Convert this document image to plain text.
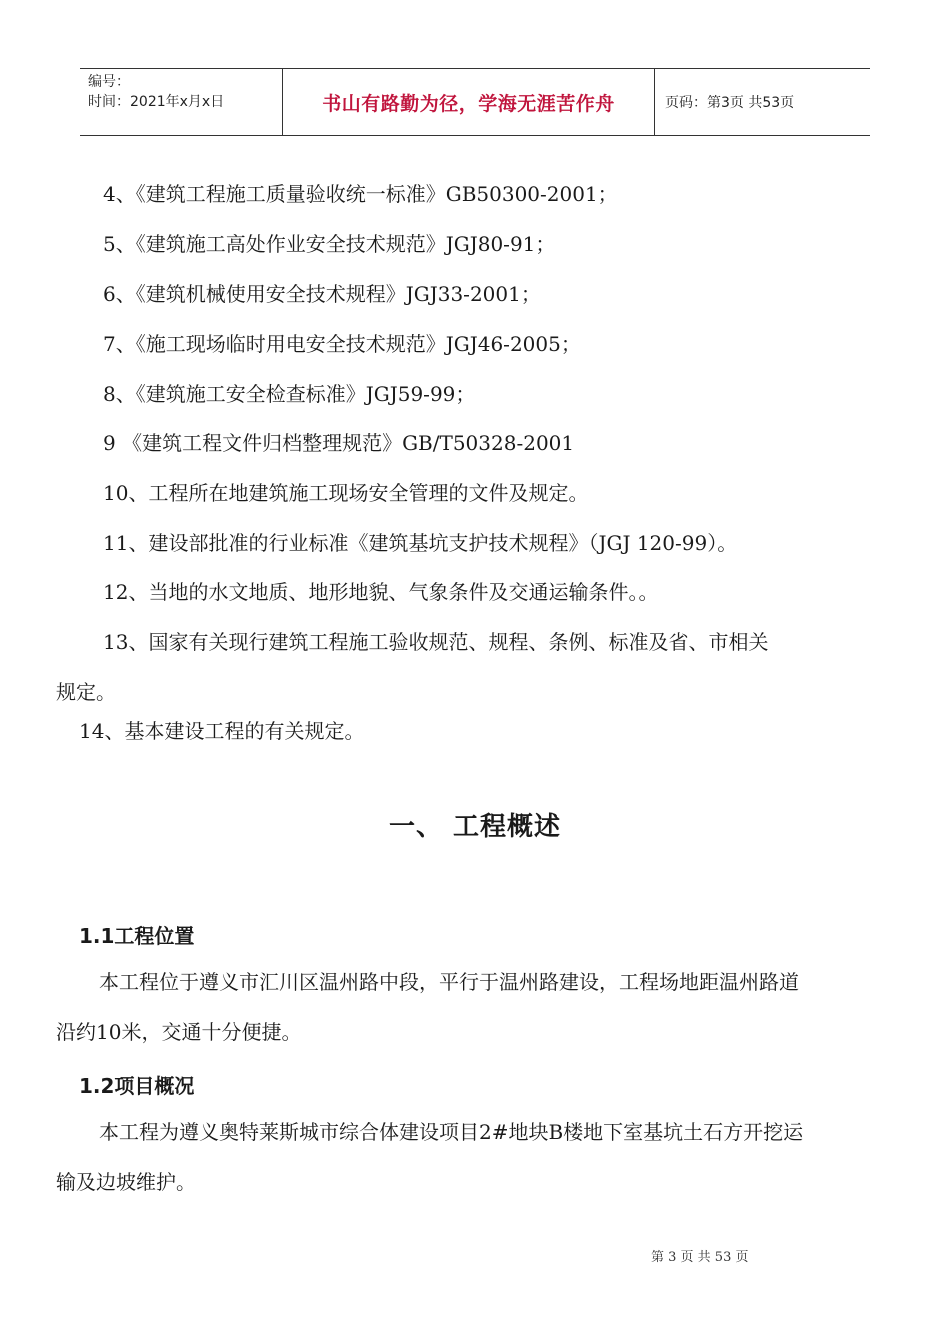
编号：
时间：2021年x月x日	书山有路勤为径，学海无涯苦作舟	页码：第3页 共53页
4、《建筑工程施工质量验收统一标准》GB50300-2001；
5、《建筑施工高处作业安全技术规范》JGJ80-91；
6、《建筑机械使用安全技术规程》JGJ33-2001；
7、《施工现场临时用电安全技术规范》JGJ46-2005；
8、《建筑施工安全检查标准》JGJ59-99；
9 《建筑工程文件归档整理规范》GB/T50328-2001
10、工程所在地建筑施工现场安全管理的文件及规定。
11、建设部批准的行业标准《建筑基坑支护技术规程》（JGJ 120-99）。
12、当地的水文地质、地形地貌、气象条件及交通运输条件。。
13、国家有关现行建筑工程施工验收规范、规程、条例、标准及省、市相关
规定。
14、基本建设工程的有关规定。
一、 工程概述
1.1工程位置
本工程位于遵义市汇川区温州路中段，平行于温州路建设，工程场地距温州路道
沿约10米，交通十分便捷。
1.2项目概况
本工程为遵义奥特莱斯城市综合体建设项目2#地块B楼地下室基坑土石方开挖运
输及边坡维护。
第 3 页 共 53 页
